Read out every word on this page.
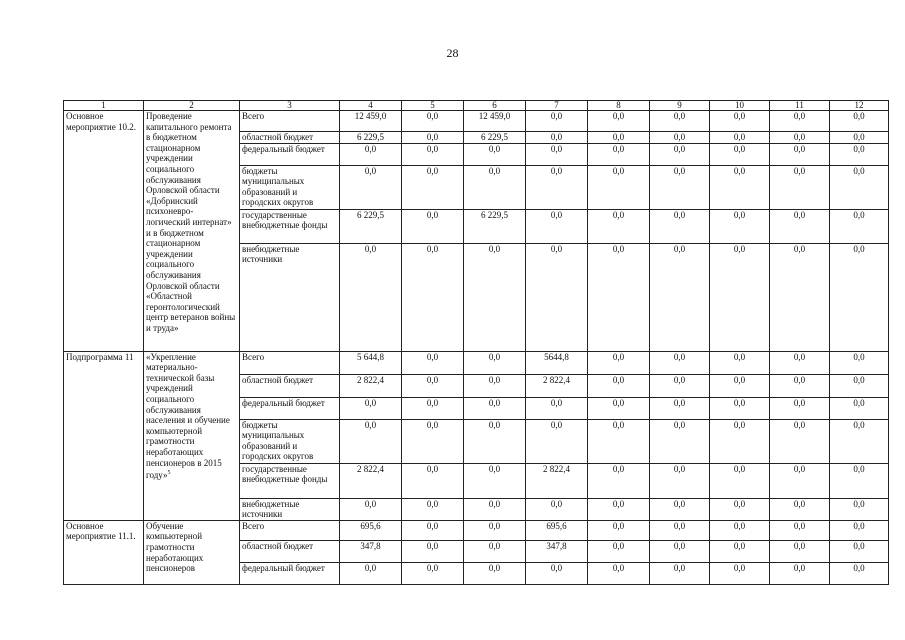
28
1	2	3	4	5	6	7	8	9	10	11	12
Основное мероприятие 10.2.	Проведение капитального ремонта в бюджетном стационарном учреждении социального обслуживания Орловской области «Добринский психоневро-логический интернат» и в бюджетном стационарном учреждении социального обслуживания Орловской области «Областной геронтологический центр ветеранов войны и труда»	Всего	12 459,0	0,0	12 459,0	0,0	0,0	0,0	0,0	0,0	0,0
		областной бюджет	6 229,5	0,0	6 229,5	0,0	0,0	0,0	0,0	0,0	0,0
		федеральный бюджет	0,0	0,0	0,0	0,0	0,0	0,0	0,0	0,0	0,0
		бюджеты муниципальных образований и городских округов	0,0	0,0	0,0	0,0	0,0	0,0	0,0	0,0	0,0
		государственные внебюджетные фонды	6 229,5	0,0	6 229,5	0,0	0,0	0,0	0,0	0,0	0,0
		внебюджетные источники	0,0	0,0	0,0	0,0	0,0	0,0	0,0	0,0	0,0
Подпрограмма 11	«Укрепление материально-технической базы учреждений социального обслуживания населения и обучение компьютерной грамотности неработающих пенсионеров в 2015 году»$^5$	Всего	5 644,8	0,0	0,0	5644,8	0,0	0,0	0,0	0,0	0,0
		областной бюджет	2 822,4	0,0	0,0	2 822,4	0,0	0,0	0,0	0,0	0,0
		федеральный бюджет	0,0	0,0	0,0	0,0	0,0	0,0	0,0	0,0	0,0
		бюджеты муниципальных образований и городских округов	0,0	0,0	0,0	0,0	0,0	0,0	0,0	0,0	0,0
		государственные внебюджетные фонды	2 822,4	0,0	0,0	2 822,4	0,0	0,0	0,0	0,0	0,0
		внебюджетные источники	0,0	0,0	0,0	0,0	0,0	0,0	0,0	0,0	0,0
Основное мероприятие 11.1.	Обучение компьютерной грамотности неработающих пенсионеров	Всего	695,6	0,0	0,0	695,6	0,0	0,0	0,0	0,0	0,0
		областной бюджет	347,8	0,0	0,0	347,8	0,0	0,0	0,0	0,0	0,0
		федеральный бюджет	0,0	0,0	0,0	0,0	0,0	0,0	0,0	0,0	0,0
